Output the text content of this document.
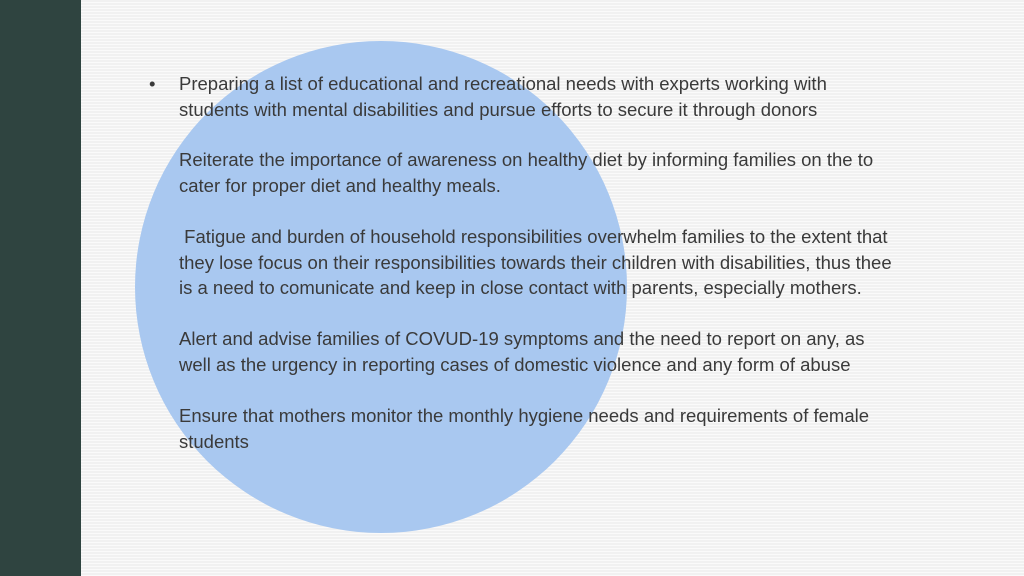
• Preparing a list of educational and recreational needs with experts working with
students with mental disabilities and pursue efforts to secure it through donors

Reiterate the importance of awareness on healthy diet by informing families on the to
cater for proper diet and healthy meals.

Fatigue and burden of household responsibilities overwhelm families to the extent that
they lose focus on their responsibilities towards their children with disabilities, thus thee
is a need to comunicate and keep in close contact with parents, especially mothers.

Alert and advise families of COVUD-19 symptoms and the need to report on any, as
well as the urgency in reporting cases of domestic violence and any form of abuse

Ensure that mothers monitor the monthly hygiene needs and requirements of female
students
